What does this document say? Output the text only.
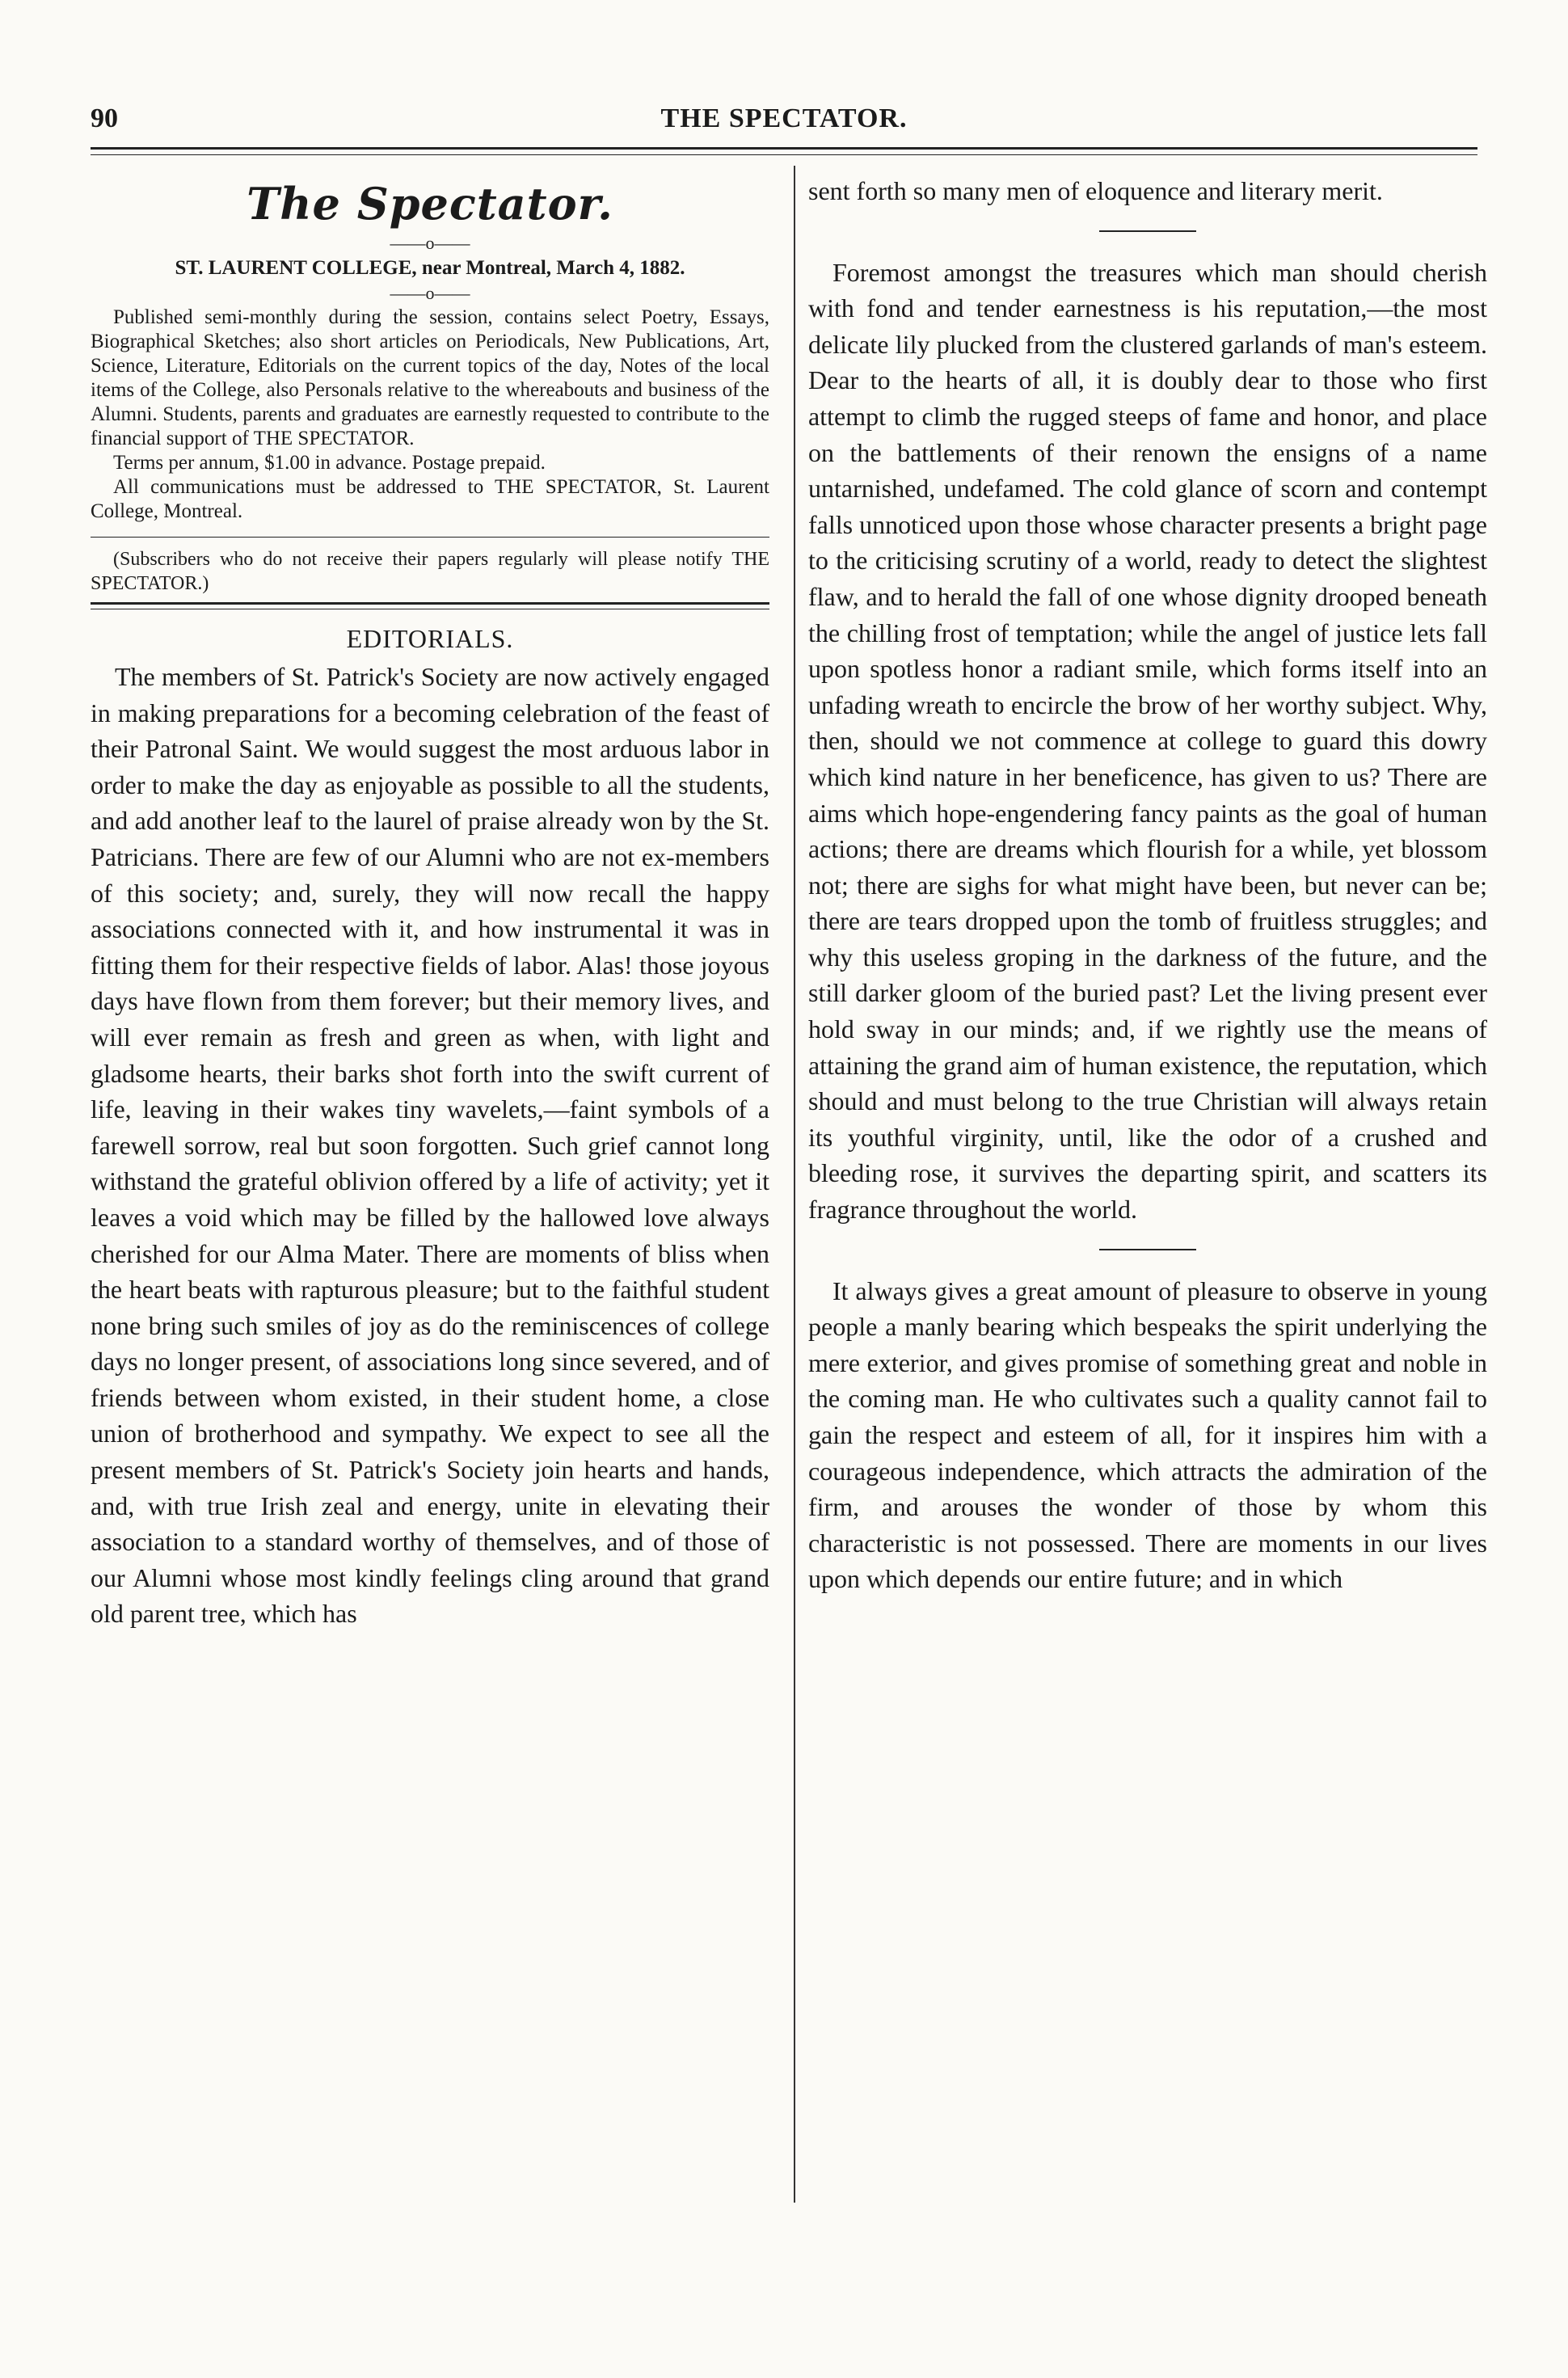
90	THE SPECTATOR.
The Spectator.
——o——
ST. LAURENT COLLEGE, near Montreal, March 4, 1882.
——o——

Published semi-monthly during the session, contains select Poetry, Essays, Biographical Sketches; also short articles on Periodicals, New Publications, Art, Science, Literature, Editorials on the current topics of the day, Notes of the local items of the College, also Personals relative to the whereabouts and business of the Alumni. Students, parents and graduates are earnestly requested to contribute to the financial support of THE SPECTATOR.

Terms per annum, $1.00 in advance. Postage prepaid.

All communications must be addressed to THE SPECTATOR, St. Laurent College, Montreal.

(Subscribers who do not receive their papers regularly will please notify THE SPECTATOR.)

EDITORIALS.

The members of St. Patrick's Society are now actively engaged in making preparations for a becoming celebration of the feast of their Patronal Saint. We would suggest the most arduous labor in order to make the day as enjoyable as possible to all the students, and add another leaf to the laurel of praise already won by the St. Patricians. There are few of our Alumni who are not ex-members of this society; and, surely, they will now recall the happy associations connected with it, and how instrumental it was in fitting them for their respective fields of labor. Alas! those joyous days have flown from them forever; but their memory lives, and will ever remain as fresh and green as when, with light and gladsome hearts, their barks shot forth into the swift current of life, leaving in their wakes tiny wavelets,—faint symbols of a farewell sorrow, real but soon forgotten. Such grief cannot long withstand the grateful oblivion offered by a life of activity; yet it leaves a void which may be filled by the hallowed love always cherished for our Alma Mater. There are moments of bliss when the heart beats with rapturous pleasure; but to the faithful student none bring such smiles of joy as do the reminiscences of college days no longer present, of associations long since severed, and of friends between whom existed, in their student home, a close union of brotherhood and sympathy. We expect to see all the present members of St. Patrick's Society join hearts and hands, and, with true Irish zeal and energy, unite in elevating their association to a standard worthy of themselves, and of those of our Alumni whose most kindly feelings cling around that grand old parent tree, which has

sent forth so many men of eloquence and literary merit.

Foremost amongst the treasures which man should cherish with fond and tender earnestness is his reputation,—the most delicate lily plucked from the clustered garlands of man's esteem. Dear to the hearts of all, it is doubly dear to those who first attempt to climb the rugged steeps of fame and honor, and place on the battlements of their renown the ensigns of a name untarnished, undefamed. The cold glance of scorn and contempt falls unnoticed upon those whose character presents a bright page to the criticising scrutiny of a world, ready to detect the slightest flaw, and to herald the fall of one whose dignity drooped beneath the chilling frost of temptation; while the angel of justice lets fall upon spotless honor a radiant smile, which forms itself into an unfading wreath to encircle the brow of her worthy subject. Why, then, should we not commence at college to guard this dowry which kind nature in her beneficence, has given to us? There are aims which hope-engendering fancy paints as the goal of human actions; there are dreams which flourish for a while, yet blossom not; there are sighs for what might have been, but never can be; there are tears dropped upon the tomb of fruitless struggles; and why this useless groping in the darkness of the future, and the still darker gloom of the buried past? Let the living present ever hold sway in our minds; and, if we rightly use the means of attaining the grand aim of human existence, the reputation, which should and must belong to the true Christian will always retain its youthful virginity, until, like the odor of a crushed and bleeding rose, it survives the departing spirit, and scatters its fragrance throughout the world.

It always gives a great amount of pleasure to observe in young people a manly bearing which bespeaks the spirit underlying the mere exterior, and gives promise of something great and noble in the coming man. He who cultivates such a quality cannot fail to gain the respect and esteem of all, for it inspires him with a courageous independence, which attracts the admiration of the firm, and arouses the wonder of those by whom this characteristic is not possessed. There are moments in our lives upon which depends our entire future; and in which
